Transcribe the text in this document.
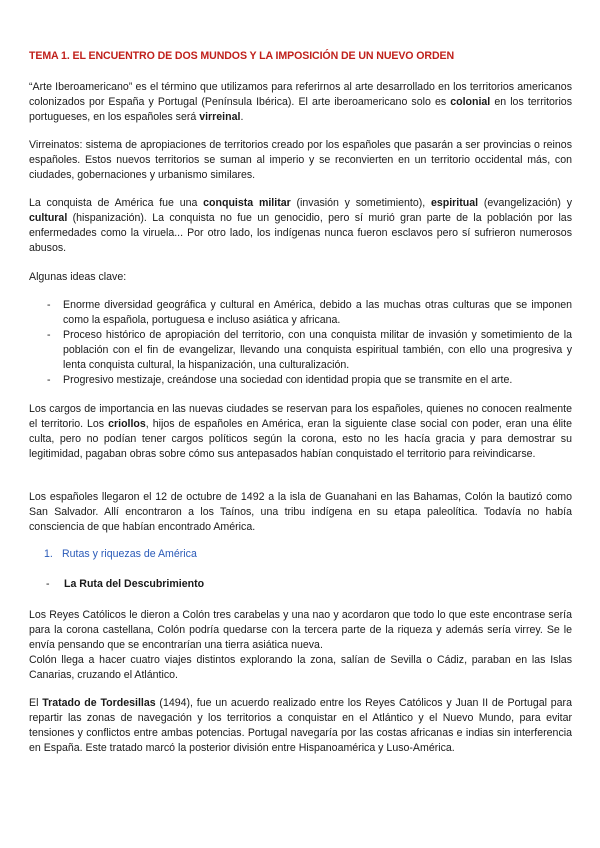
TEMA 1. EL ENCUENTRO DE DOS MUNDOS Y LA IMPOSICIÓN DE UN NUEVO ORDEN
“Arte Iberoamericano” es el término que utilizamos para referirnos al arte desarrollado en los territorios americanos colonizados por España y Portugal (Península Ibérica). El arte iberoamericano solo es colonial en los territorios portugueses, en los españoles será virreinal.
Virreinatos: sistema de apropiaciones de territorios creado por los españoles que pasarán a ser provincias o reinos españoles. Estos nuevos territorios se suman al imperio y se reconvierten en un territorio occidental más, con ciudades, gobernaciones y urbanismo similares.
La conquista de América fue una conquista militar (invasión y sometimiento), espiritual (evangelización) y cultural (hispanización). La conquista no fue un genocidio, pero sí murió gran parte de la población por las enfermedades como la viruela... Por otro lado, los indígenas nunca fueron esclavos pero sí sufrieron numerosos abusos.
Algunas ideas clave:
- Enorme diversidad geográfica y cultural en América, debido a las muchas otras culturas que se imponen como la española, portuguesa e incluso asiática y africana.
- Proceso histórico de apropiación del territorio, con una conquista militar de invasión y sometimiento de la población con el fin de evangelizar, llevando una conquista espiritual también, con ello una progresiva y lenta conquista cultural, la hispanización, una culturalización.
- Progresivo mestizaje, creándose una sociedad con identidad propia que se transmite en el arte.
Los cargos de importancia en las nuevas ciudades se reservan para los españoles, quienes no conocen realmente el territorio. Los criollos, hijos de españoles en América, eran la siguiente clase social con poder, eran una élite culta, pero no podían tener cargos políticos según la corona, esto no les hacía gracia y para demostrar su legitimidad, pagaban obras sobre cómo sus antepasados habían conquistado el territorio para reivindicarse.
Los españoles llegaron el 12 de octubre de 1492 a la isla de Guanahani en las Bahamas, Colón la bautizó como San Salvador. Allí encontraron a los Taínos, una tribu indígena en su etapa paleolítica. Todavía no había consciencia de que habían encontrado América.
1. Rutas y riquezas de América
- La Ruta del Descubrimiento
Los Reyes Católicos le dieron a Colón tres carabelas y una nao y acordaron que todo lo que este encontrase sería para la corona castellana, Colón podría quedarse con la tercera parte de la riqueza y además sería virrey. Se le envía pensando que se encontrarían una tierra asiática nueva.
Colón llega a hacer cuatro viajes distintos explorando la zona, salían de Sevilla o Cádiz, paraban en las Islas Canarias, cruzando el Atlántico.
El Tratado de Tordesillas (1494), fue un acuerdo realizado entre los Reyes Católicos y Juan II de Portugal para repartir las zonas de navegación y los territorios a conquistar en el Atlántico y el Nuevo Mundo, para evitar tensiones y conflictos entre ambas potencias. Portugal navegaría por las costas africanas e indias sin interferencia en España. Este tratado marcó la posterior división entre Hispanoamérica y Luso-América.
